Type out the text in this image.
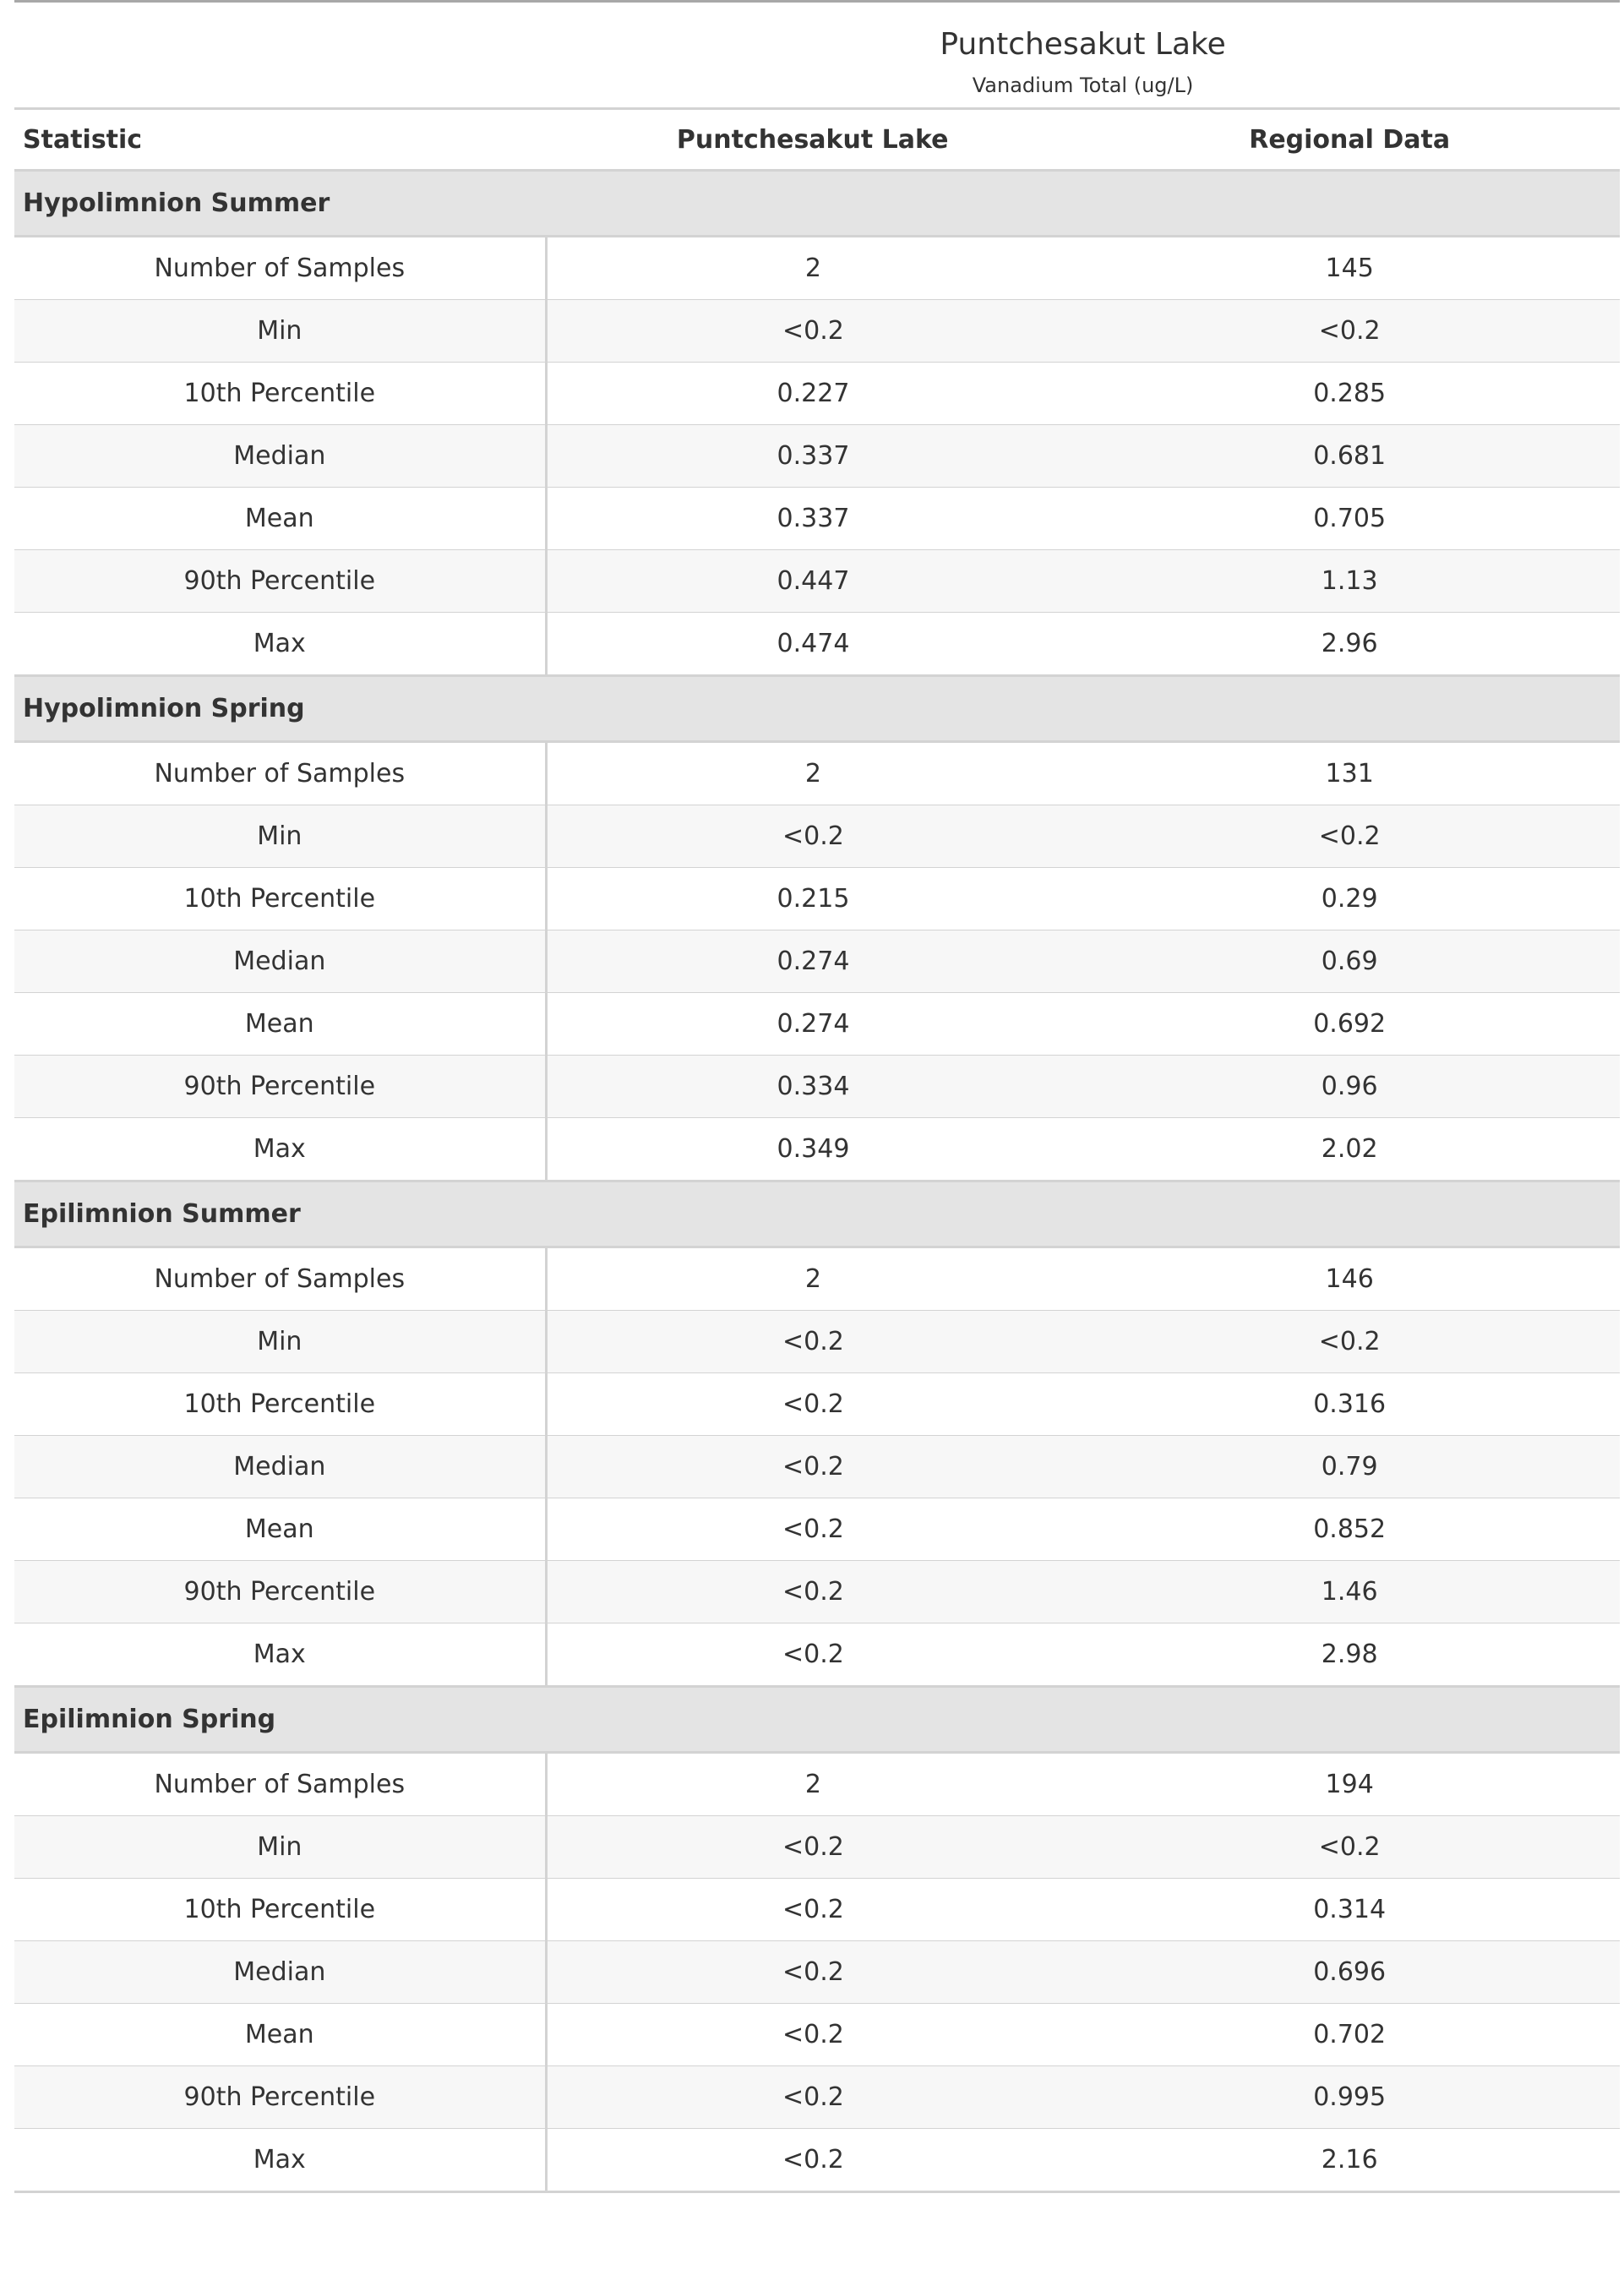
	Puntchesakut Lake	
	Vanadium Total (ug/L)	
Statistic	Puntchesakut Lake	Regional Data
Hypolimnion Summer		
Number of Samples	2	145
Min	<0.2	<0.2
10th Percentile	0.227	0.285
Median	0.337	0.681
Mean	0.337	0.705
90th Percentile	0.447	1.13
Max	0.474	2.96
Hypolimnion Spring		
Number of Samples	2	131
Min	<0.2	<0.2
10th Percentile	0.215	0.29
Median	0.274	0.69
Mean	0.274	0.692
90th Percentile	0.334	0.96
Max	0.349	2.02
Epilimnion Summer		
Number of Samples	2	146
Min	<0.2	<0.2
10th Percentile	<0.2	0.316
Median	<0.2	0.79
Mean	<0.2	0.852
90th Percentile	<0.2	1.46
Max	<0.2	2.98
Epilimnion Spring		
Number of Samples	2	194
Min	<0.2	<0.2
10th Percentile	<0.2	0.314
Median	<0.2	0.696
Mean	<0.2	0.702
90th Percentile	<0.2	0.995
Max	<0.2	2.16
